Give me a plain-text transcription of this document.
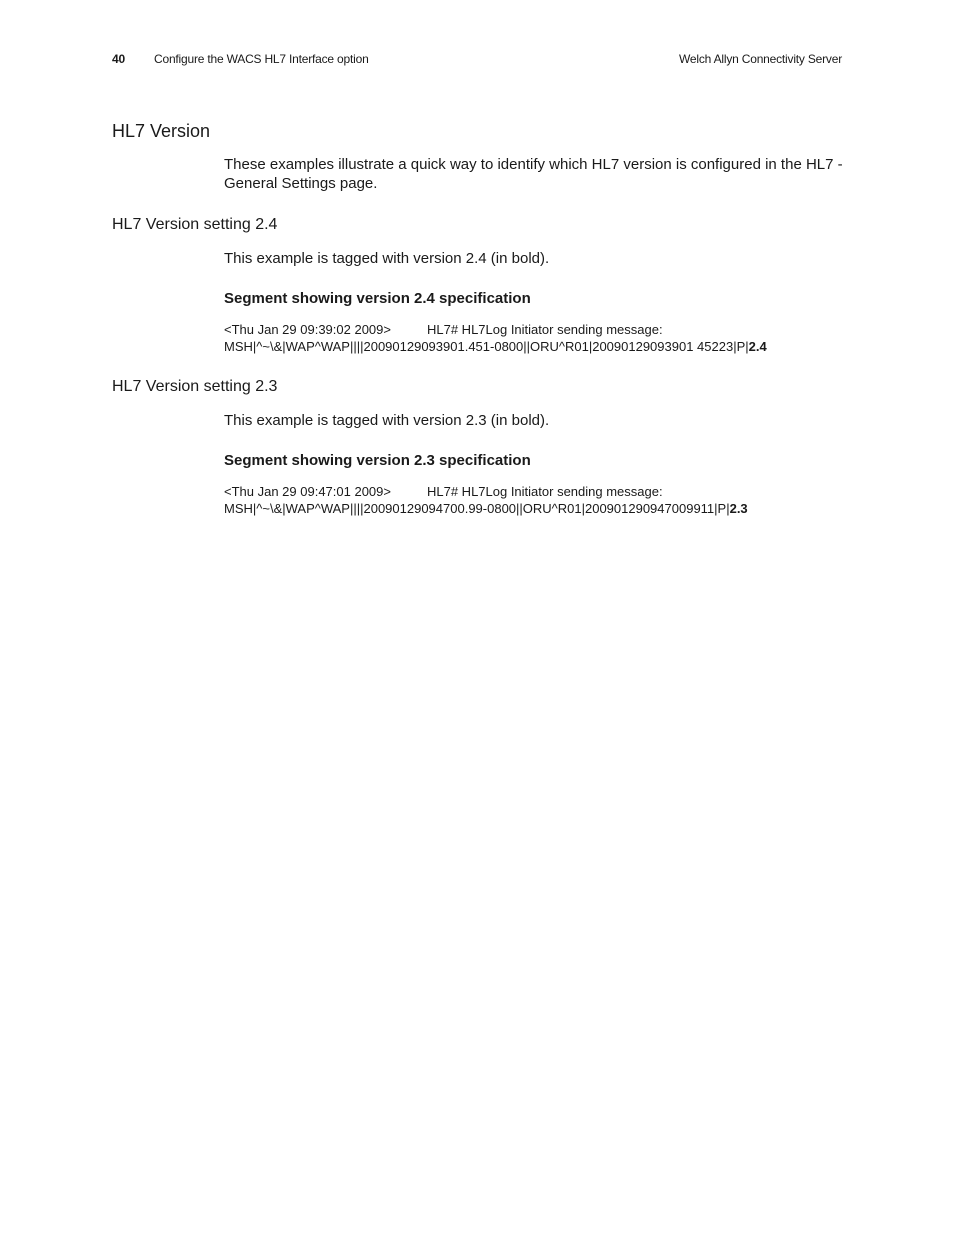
40 Configure the WACS HL7 Interface option	Welch Allyn Connectivity Server
HL7 Version

These examples illustrate a quick way to identify which HL7 version is configured in the HL7 - General Settings page.

HL7 Version setting 2.4

This example is tagged with version 2.4 (in bold).

Segment showing version 2.4 specification

<Thu Jan 29 09:39:02 2009>	HL7# HL7Log Initiator sending message:
MSH|^~\&|WAP^WAP||||20090129093901.451-0800||ORU^R01|20090129093901 45223|P|2.4
HL7 Version setting 2.3

This example is tagged with version 2.3 (in bold).

Segment showing version 2.3 specification

<Thu Jan 29 09:47:01 2009>	HL7# HL7Log Initiator sending message:
MSH|^~\&|WAP^WAP||||20090129094700.99-0800||ORU^R01|200901290947009911|P|2.3
